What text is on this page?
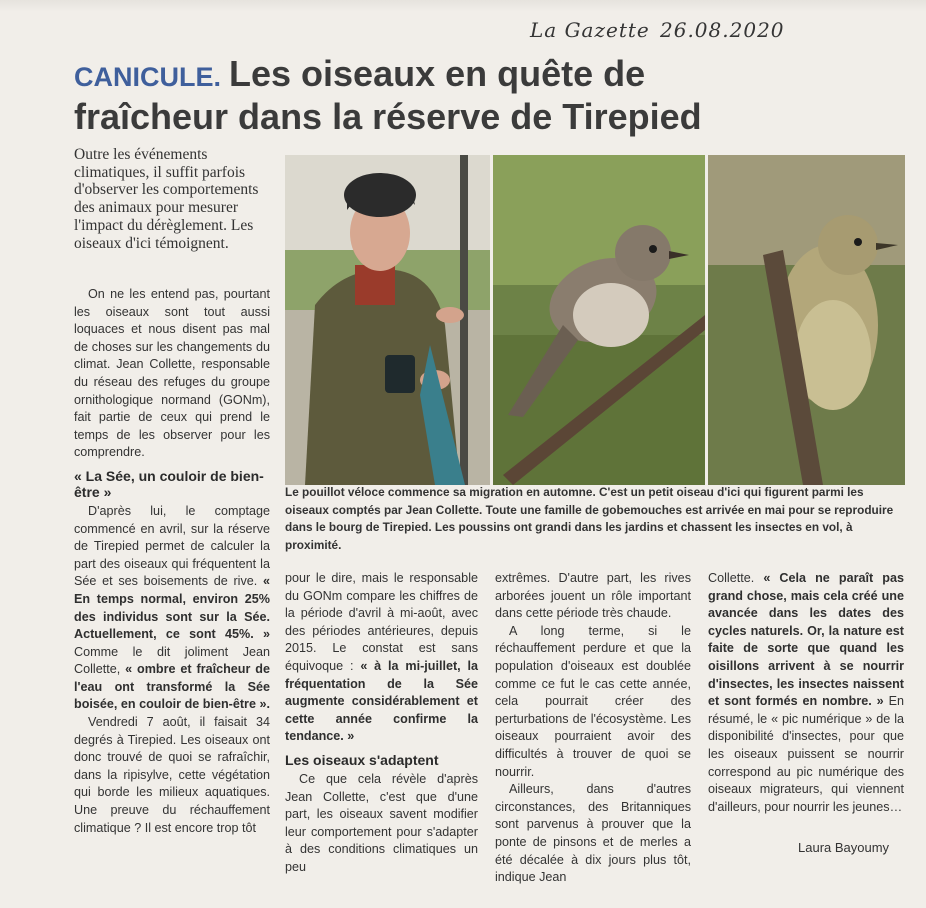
La Gazette 26.08.2020
CANICULE. Les oiseaux en quête de
fraîcheur dans la réserve de Tirepied
Outre les événements climatiques, il suffit parfois d'observer les comportements des animaux pour mesurer l'impact du dérèglement. Les oiseaux d'ici témoignent.
Le pouillot véloce commence sa migration en automne. C'est un petit oiseau d'ici qui figurent parmi les oiseaux comptés par Jean Collette. Toute une famille de gobemouches est arrivée en mai pour se reproduire dans le bourg de Tirepied. Les poussins ont grandi dans les jardins et chassent les insectes en vol, à proximité.

On ne les entend pas, pourtant les oiseaux sont tout aussi loquaces et nous disent pas mal de choses sur les changements du climat. Jean Collette, responsable du réseau des refuges du groupe ornithologique normand (GONm), fait partie de ceux qui prend le temps de les observer pour les comprendre.

« La Sée, un couloir de bien-être »

D'après lui, le comptage commencé en avril, sur la réserve de Tirepied permet de calculer la part des oiseaux qui fréquentent la Sée et ses boisements de rive. « En temps normal, environ 25% des individus sont sur la Sée. Actuellement, ce sont 45%. » Comme le dit joliment Jean Collette, « ombre et fraîcheur de l'eau ont transformé la Sée boisée, en couloir de bien-être ».

Vendredi 7 août, il faisait 34 degrés à Tirepied. Les oiseaux ont donc trouvé de quoi se rafraîchir, dans la ripisylve, cette végétation qui borde les milieux aquatiques. Une preuve du réchauffement climatique ? Il est encore trop tôt

pour le dire, mais le responsable du GONm compare les chiffres de la période d'avril à mi-août, avec des périodes antérieures, depuis 2015. Le constat est sans équivoque : « à la mi-juillet, la fréquentation de la Sée augmente considérablement et cette année confirme la tendance. »

Les oiseaux s'adaptent

Ce que cela révèle d'après Jean Collette, c'est que d'une part, les oiseaux savent modifier leur comportement pour s'adapter à des conditions climatiques un peu

extrêmes. D'autre part, les rives arborées jouent un rôle important dans cette période très chaude.

A long terme, si le réchauffement perdure et que la population d'oiseaux est doublée comme ce fut le cas cette année, cela pourrait créer des perturbations de l'écosystème. Les oiseaux pourraient avoir des difficultés à trouver de quoi se nourrir.

Ailleurs, dans d'autres circonstances, des Britanniques sont parvenus à prouver que la ponte de pinsons et de merles a été décalée à dix jours plus tôt, indique Jean

Collette. « Cela ne paraît pas grand chose, mais cela créé une avancée dans les dates des cycles naturels. Or, la nature est faite de sorte que quand les oisillons arrivent à se nourrir d'insectes, les insectes naissent et sont formés en nombre. » En résumé, le « pic numérique » de la disponibilité d'insectes, pour que les oiseaux puissent se nourrir correspond au pic numérique des oiseaux migrateurs, qui viennent d'ailleurs, pour nourrir les jeunes…

Laura Bayoumy
